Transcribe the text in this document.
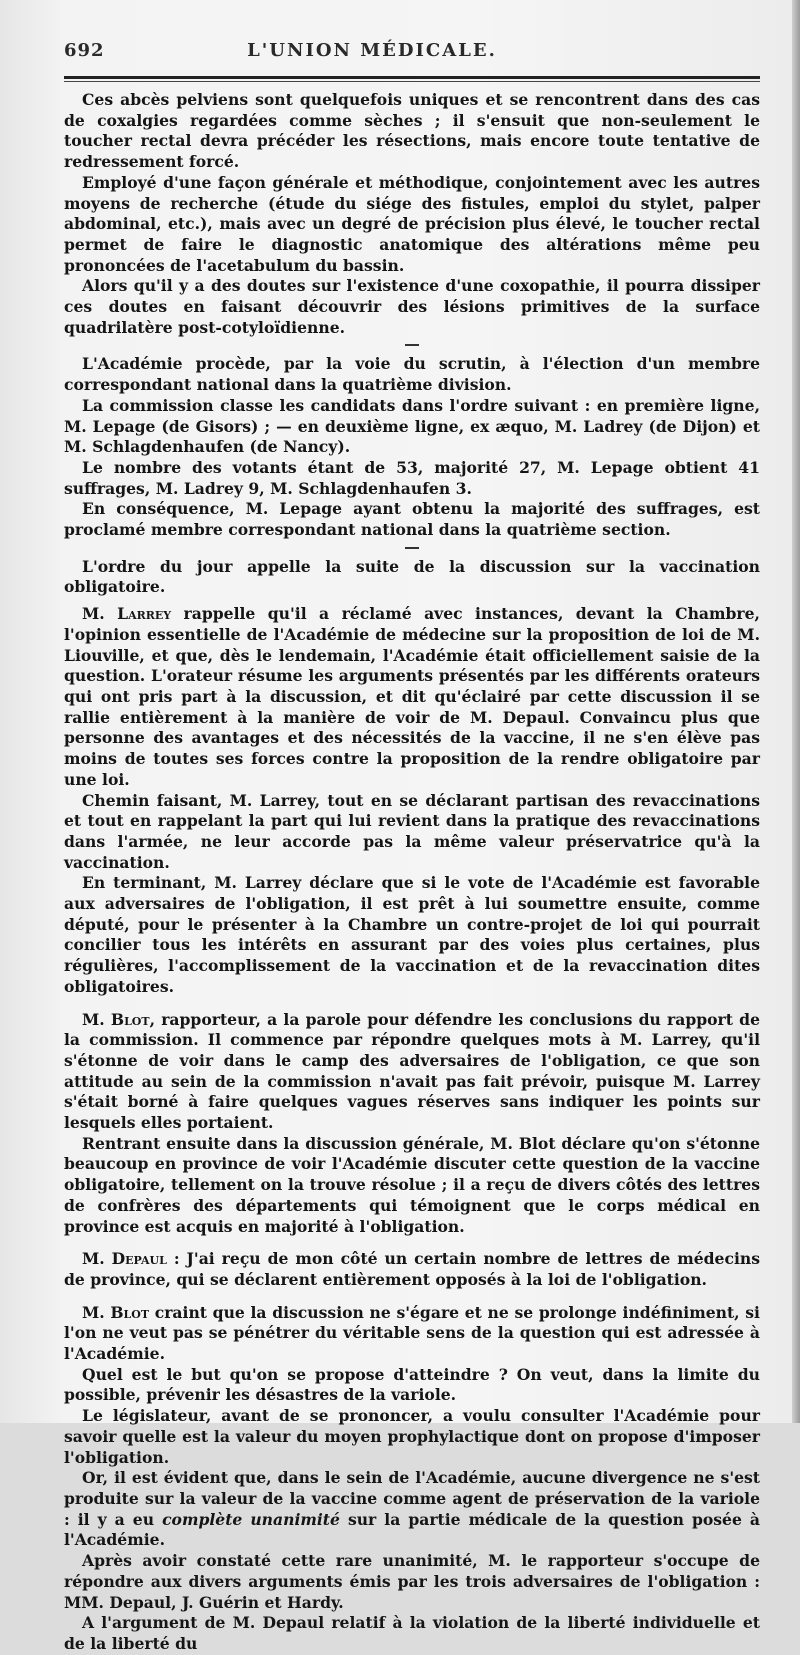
692	L'UNION MÉDICALE.

Ces abcès pelviens sont quelquefois uniques et se rencontrent dans des cas de coxalgies regardées comme sèches ; il s'ensuit que non-seulement le toucher rectal devra précéder les résections, mais encore toute tentative de redressement forcé.

Employé d'une façon générale et méthodique, conjointement avec les autres moyens de recherche (étude du siége des fistules, emploi du stylet, palper abdominal, etc.), mais avec un degré de précision plus élevé, le toucher rectal permet de faire le diagnostic anatomique des altérations même peu prononcées de l'acetabulum du bassin.

Alors qu'il y a des doutes sur l'existence d'une coxopathie, il pourra dissiper ces doutes en faisant découvrir des lésions primitives de la surface quadrilatère post-cotyloïdienne.

L'Académie procède, par la voie du scrutin, à l'élection d'un membre correspondant national dans la quatrième division.

La commission classe les candidats dans l'ordre suivant : en première ligne, M. Lepage (de Gisors) ; — en deuxième ligne, ex æquo, M. Ladrey (de Dijon) et M. Schlagdenhaufen (de Nancy).

Le nombre des votants étant de 53, majorité 27, M. Lepage obtient 41 suffrages, M. Ladrey 9, M. Schlagdenhaufen 3.

En conséquence, M. Lepage ayant obtenu la majorité des suffrages, est proclamé membre correspondant national dans la quatrième section.

L'ordre du jour appelle la suite de la discussion sur la vaccination obligatoire.

M. Larrey rappelle qu'il a réclamé avec instances, devant la Chambre, l'opinion essentielle de l'Académie de médecine sur la proposition de loi de M. Liouville, et que, dès le lendemain, l'Académie était officiellement saisie de la question. L'orateur résume les arguments présentés par les différents orateurs qui ont pris part à la discussion, et dit qu'éclairé par cette discussion il se rallie entièrement à la manière de voir de M. Depaul. Convaincu plus que personne des avantages et des nécessités de la vaccine, il ne s'en élève pas moins de toutes ses forces contre la proposition de la rendre obligatoire par une loi.

Chemin faisant, M. Larrey, tout en se déclarant partisan des revaccinations et tout en rappelant la part qui lui revient dans la pratique des revaccinations dans l'armée, ne leur accorde pas la même valeur préservatrice qu'à la vaccination.

En terminant, M. Larrey déclare que si le vote de l'Académie est favorable aux adversaires de l'obligation, il est prêt à lui soumettre ensuite, comme député, pour le présenter à la Chambre un contre-projet de loi qui pourrait concilier tous les intérêts en assurant par des voies plus certaines, plus régulières, l'accomplissement de la vaccination et de la revaccination dites obligatoires.

M. Blot, rapporteur, a la parole pour défendre les conclusions du rapport de la commission. Il commence par répondre quelques mots à M. Larrey, qu'il s'étonne de voir dans le camp des adversaires de l'obligation, ce que son attitude au sein de la commission n'avait pas fait prévoir, puisque M. Larrey s'était borné à faire quelques vagues réserves sans indiquer les points sur lesquels elles portaient.

Rentrant ensuite dans la discussion générale, M. Blot déclare qu'on s'étonne beaucoup en province de voir l'Académie discuter cette question de la vaccine obligatoire, tellement on la trouve résolue ; il a reçu de divers côtés des lettres de confrères des départements qui témoignent que le corps médical en province est acquis en majorité à l'obligation.

M. Depaul : J'ai reçu de mon côté un certain nombre de lettres de médecins de province, qui se déclarent entièrement opposés à la loi de l'obligation.

M. Blot craint que la discussion ne s'égare et ne se prolonge indéfiniment, si l'on ne veut pas se pénétrer du véritable sens de la question qui est adressée à l'Académie.

Quel est le but qu'on se propose d'atteindre ? On veut, dans la limite du possible, prévenir les désastres de la variole.

Le législateur, avant de se prononcer, a voulu consulter l'Académie pour savoir quelle est la valeur du moyen prophylactique dont on propose d'imposer l'obligation.

Or, il est évident que, dans le sein de l'Académie, aucune divergence ne s'est produite sur la valeur de la vaccine comme agent de préservation de la variole : il y a eu complète unanimité sur la partie médicale de la question posée à l'Académie.

Après avoir constaté cette rare unanimité, M. le rapporteur s'occupe de répondre aux divers arguments émis par les trois adversaires de l'obligation : MM. Depaul, J. Guérin et Hardy.

A l'argument de M. Depaul relatif à la violation de la liberté individuelle et de la liberté du
